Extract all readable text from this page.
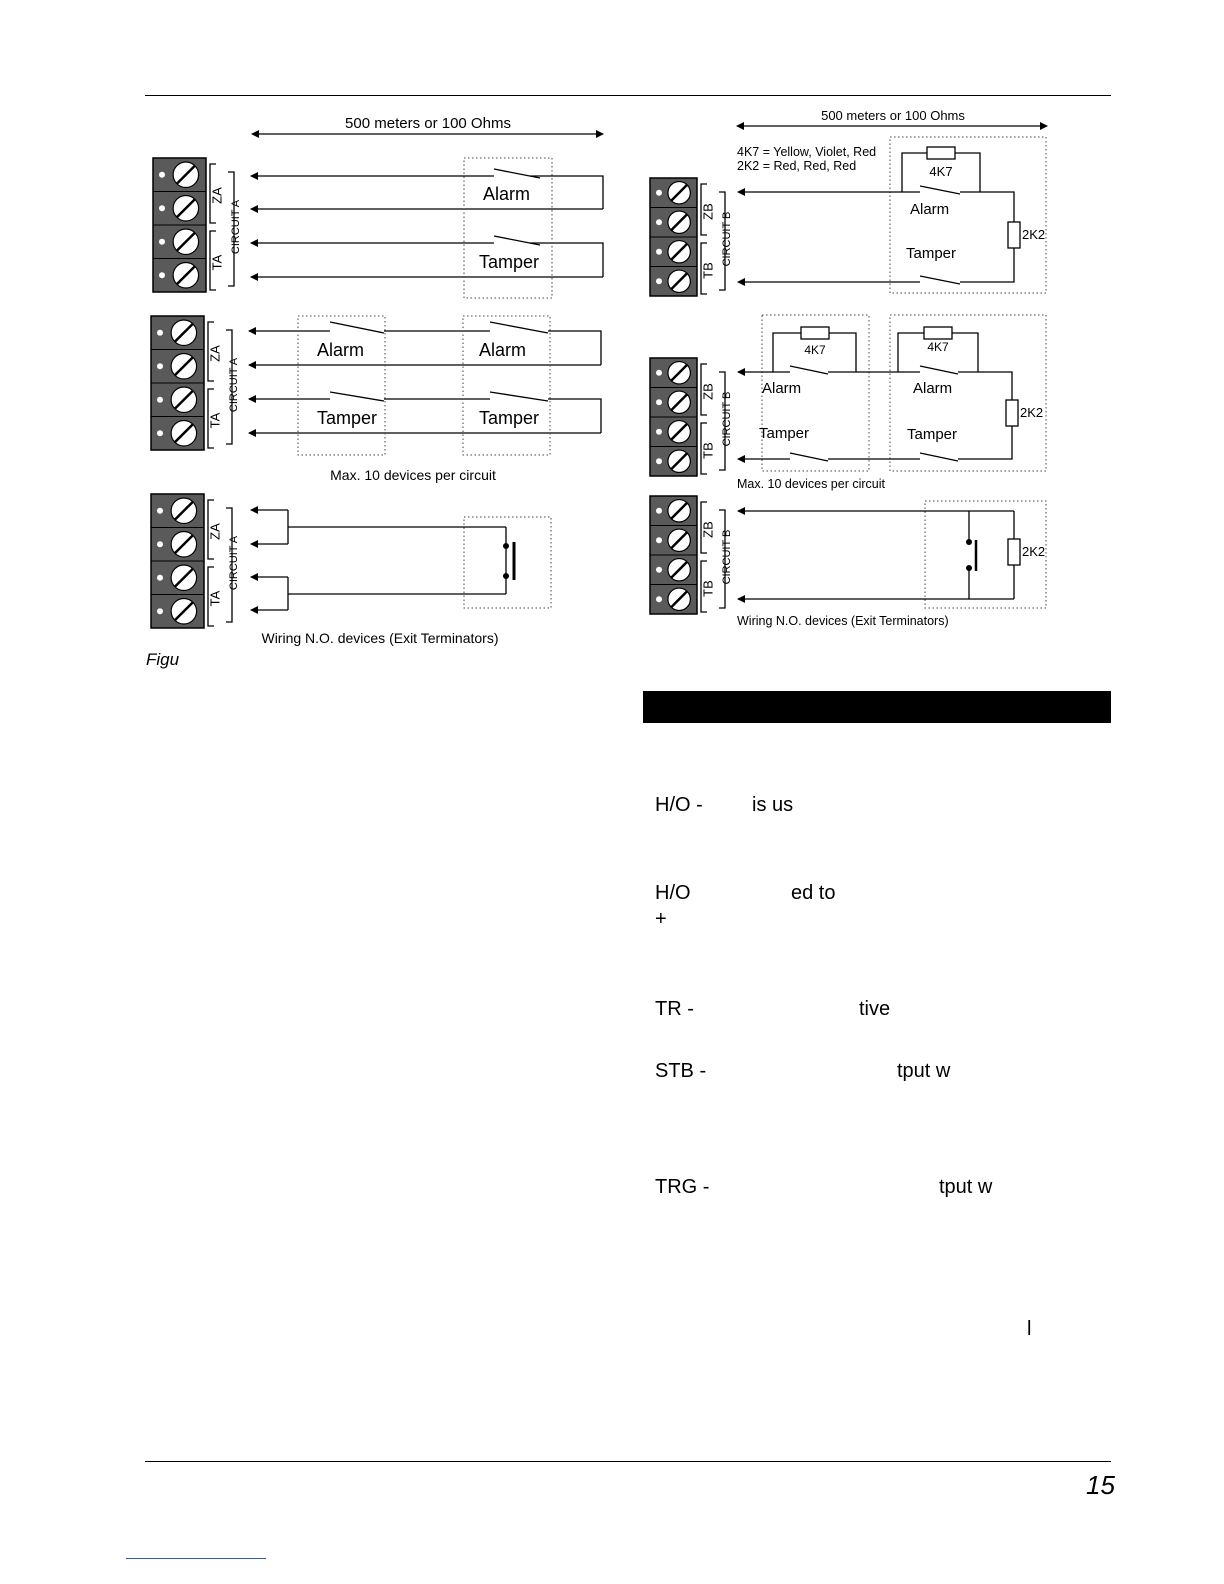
500 meters or 100 Ohms
ZA
TA
CIRCUIT A
Alarm
Tamper
ZA
TA
CIRCUIT A
Alarm	Alarm
Tamper	Tamper
Max. 10 devices per circuit
ZA
TA
CIRCUIT A
Wiring N.O. devices (Exit Terminators)
500 meters or 100 Ohms
4K7 = Yellow, Violet, Red
2K2 = Red, Red, Red
ZB
TB
CIRCUIT B
4K7
2K2
Alarm
Tamper
ZB
TB
CIRCUIT B
4K7	4K7
2K2
Alarm	Alarm
Tamper	Tamper
Max. 10 devices per circuit
ZB
TB
CIRCUIT B	2K2
Wiring N.O. devices (Exit Terminators)
Figu
H/O - is us
H/O	ed to
+
TR -	tive
STB -	tput w
TRG -	tput w
l
15
